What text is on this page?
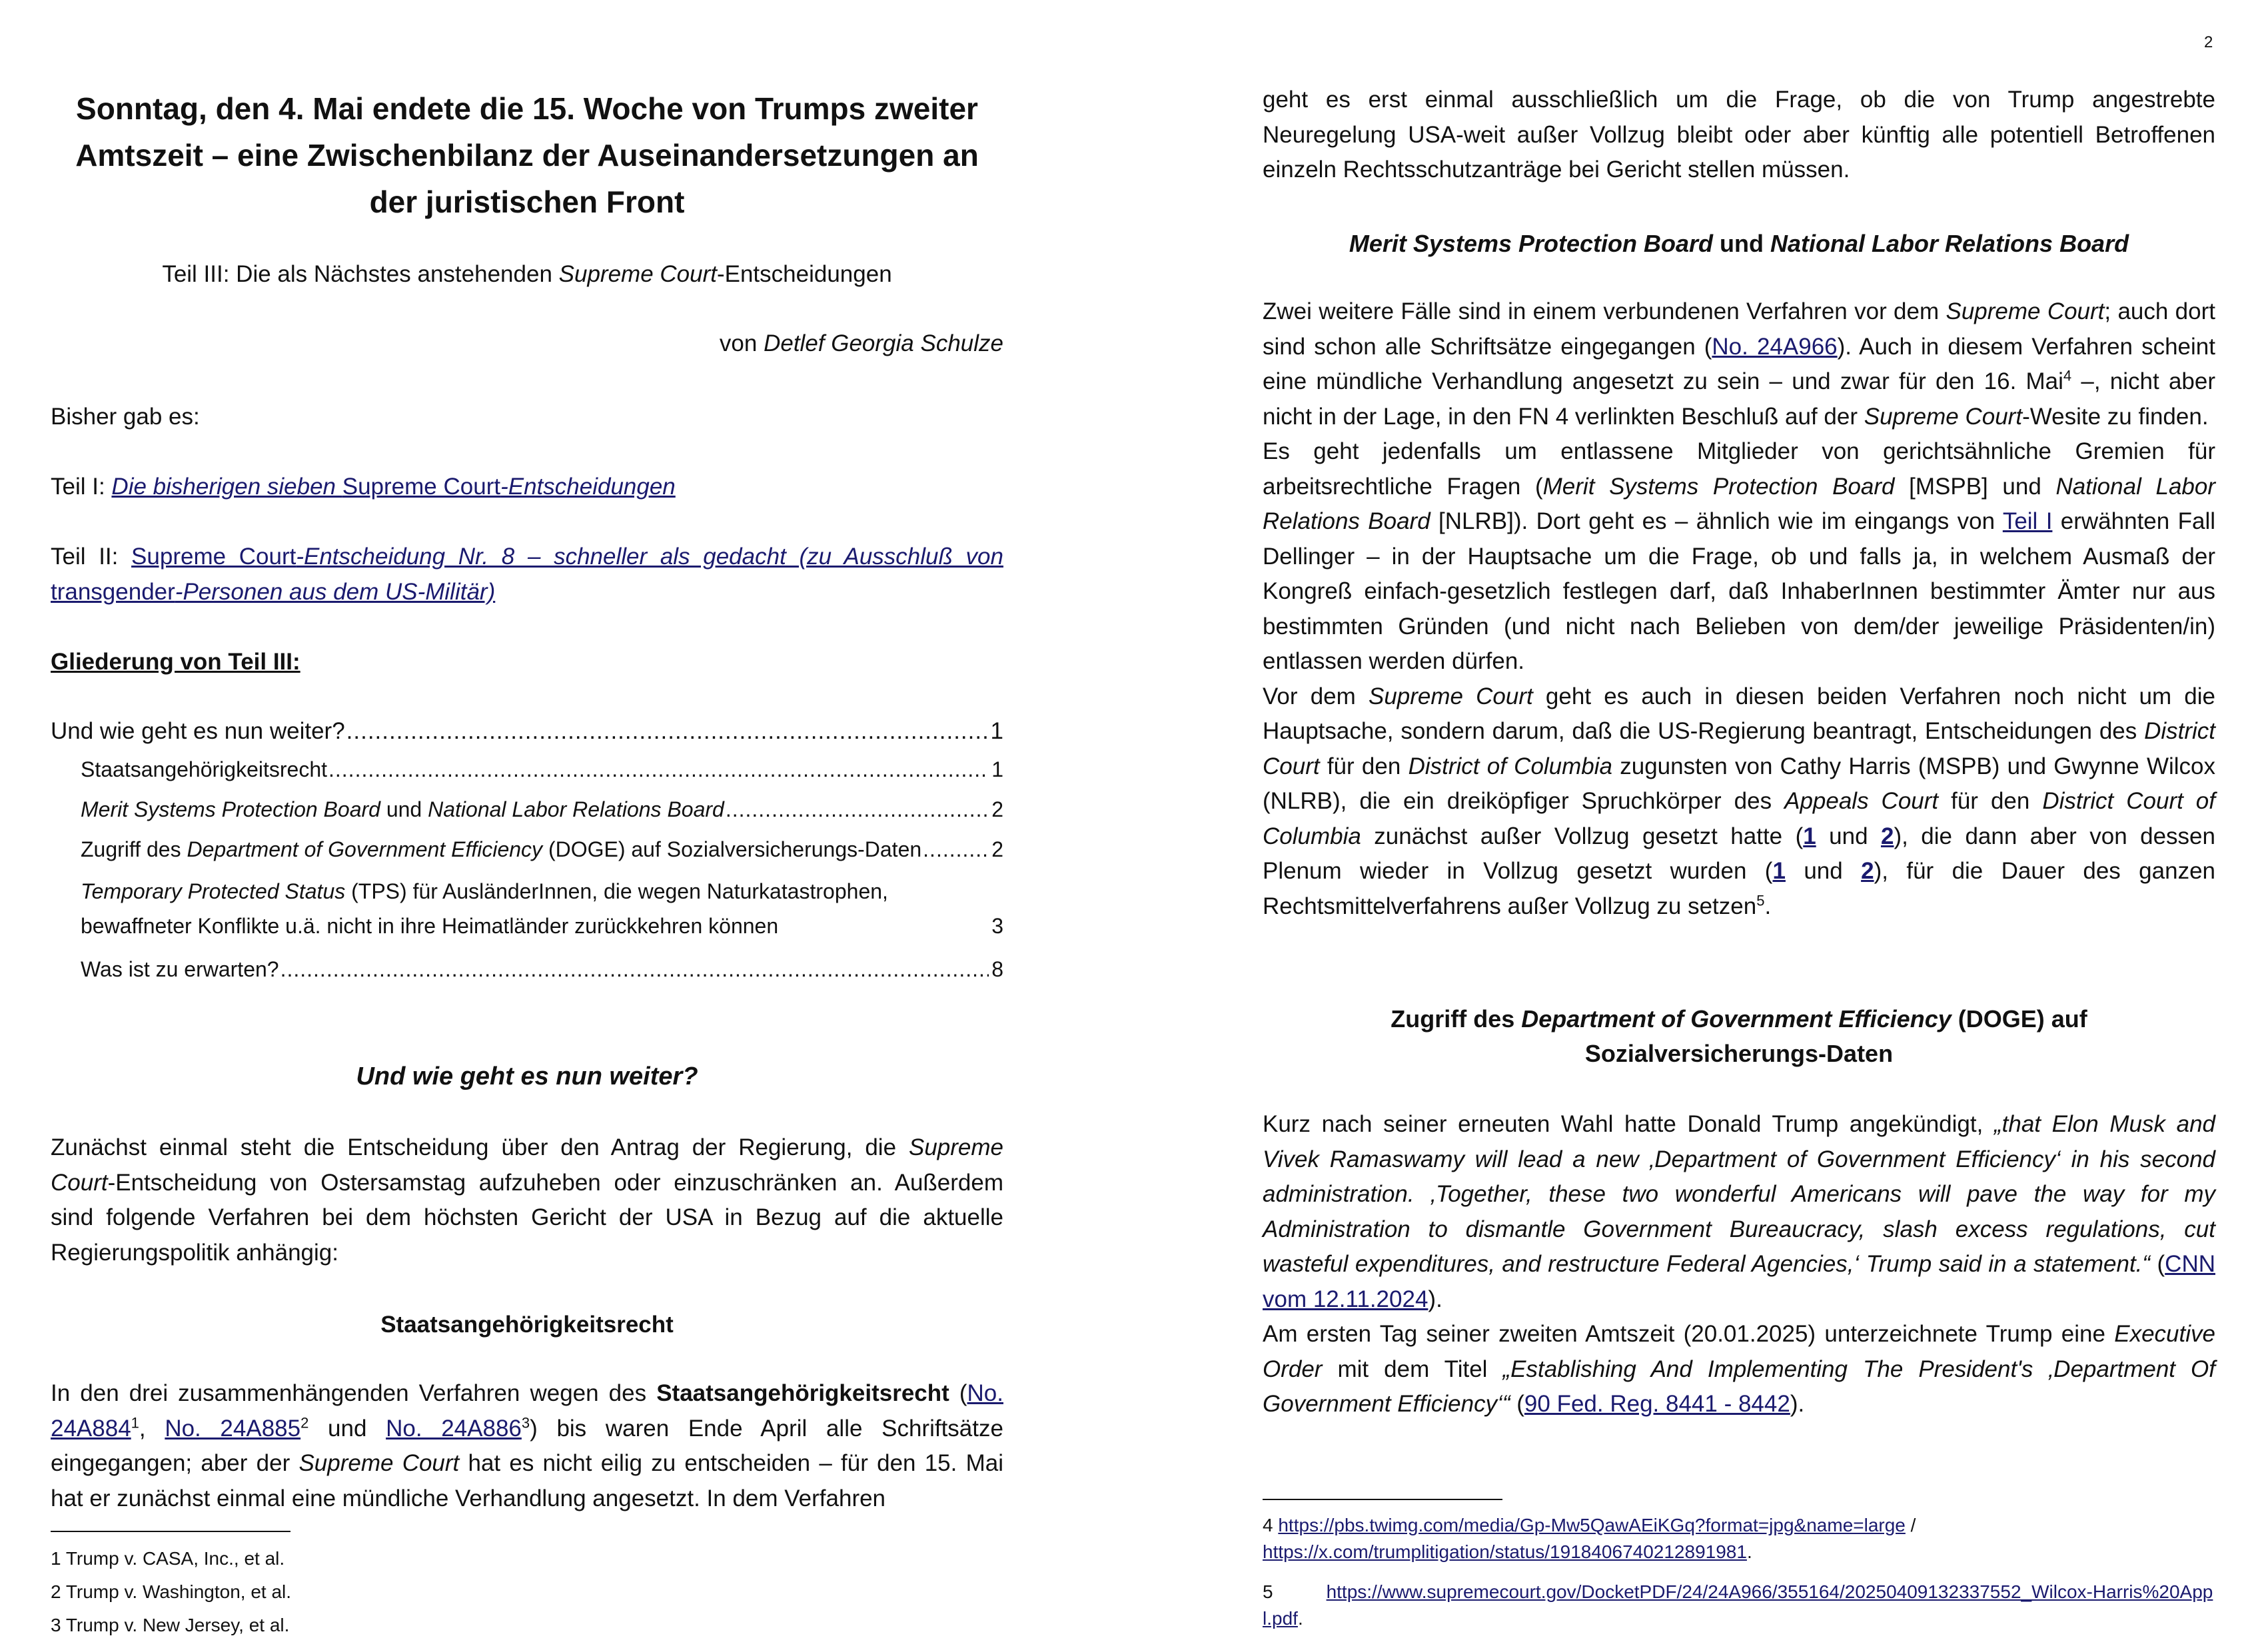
2
Sonntag, den 4. Mai endete die 15. Woche von Trumps zweiter Amtszeit – eine Zwischenbilanz der Auseinandersetzungen an der juristischen Front
Teil III: Die als Nächstes anstehenden Supreme Court-Entscheidungen
von Detlef Georgia Schulze
Bisher gab es:
Teil I: Die bisherigen sieben Supreme Court-Entscheidungen
Teil II: Supreme Court-Entscheidung Nr. 8 – schneller als gedacht (zu Ausschluß von transgender-Personen aus dem US-Militär)
Gliederung von Teil III:
Und wie geht es nun weiter? .....	1
Staatsangehörigkeitsrecht .....	1
Merit Systems Protection Board und National Labor Relations Board .....	2
Zugriff des Department of Government Efficiency (DOGE) auf Sozialversicherungs-Daten .....	2
Temporary Protected Status (TPS) für AusländerInnen, die wegen Naturkatastrophen,
bewaffneter Konflikte u.ä. nicht in ihre Heimatländer zurückkehren können	3
Was ist zu erwarten? .....	8
Und wie geht es nun weiter?
Zunächst einmal steht die Entscheidung über den Antrag der Regierung, die Supreme Court-Entscheidung von Ostersamstag aufzuheben oder einzuschränken an. Außerdem sind folgende Verfahren bei dem höchsten Gericht der USA in Bezug auf die aktuelle Regierungspolitik anhängig:
Staatsangehörigkeitsrecht
In den drei zusammenhängenden Verfahren wegen des Staatsangehörigkeitsrecht (No. $24A884^1$, No. $24A885^2$ und No. $24A886^3$) bis waren Ende April alle Schriftsätze eingegangen; aber der Supreme Court hat es nicht eilig zu entscheiden – für den 15. Mai hat er zunächst einmal eine mündliche Verhandlung angesetzt. In dem Verfahren
1 Trump v. CASA, Inc., et al.
2 Trump v. Washington, et al.
3 Trump v. New Jersey, et al.
geht es erst einmal ausschließlich um die Frage, ob die von Trump angestrebte Neuregelung USA-weit außer Vollzug bleibt oder aber künftig alle potentiell Betroffenen einzeln Rechtsschutzanträge bei Gericht stellen müssen.
Merit Systems Protection Board und National Labor Relations Board
Zwei weitere Fälle sind in einem verbundenen Verfahren vor dem Supreme Court; auch dort sind schon alle Schriftsätze eingegangen (No. 24A966). Auch in diesem Verfahren scheint eine mündliche Verhandlung angesetzt zu sein – und zwar für den 16. Mai$^4$ –, nicht aber nicht in der Lage, in den FN 4 verlinkten Beschluß auf der Supreme Court-Wesite zu finden.
Es geht jedenfalls um entlassene Mitglieder von gerichtsähnliche Gremien für arbeitsrechtliche Fragen (Merit Systems Protection Board [MSPB] und National Labor Relations Board [NLRB]). Dort geht es – ähnlich wie im eingangs von Teil I erwähnten Fall Dellinger – in der Hauptsache um die Frage, ob und falls ja, in welchem Ausmaß der Kongreß einfach-gesetzlich festlegen darf, daß InhaberInnen bestimmter Ämter nur aus bestimmten Gründen (und nicht nach Belieben von dem/der jeweilige Präsidenten/in) entlassen werden dürfen.
Vor dem Supreme Court geht es auch in diesen beiden Verfahren noch nicht um die Hauptsache, sondern darum, daß die US-Regierung beantragt, Entscheidungen des District Court für den District of Columbia zugunsten von Cathy Harris (MSPB) und Gwynne Wilcox (NLRB), die ein dreiköpfiger Spruchkörper des Appeals Court für den District Court of Columbia zunächst außer Vollzug gesetzt hatte (1 und 2), die dann aber von dessen Plenum wieder in Vollzug gesetzt wurden (1 und 2), für die Dauer des ganzen Rechtsmittelverfahrens außer Vollzug zu setzen$^5$.
Zugriff des Department of Government Efficiency (DOGE) auf
Sozialversicherungs-Daten
Kurz nach seiner erneuten Wahl hatte Donald Trump angekündigt, „that Elon Musk and Vivek Ramaswamy will lead a new ‚Department of Government Efficiency‘ in his second administration. ‚Together, these two wonderful Americans will pave the way for my Administration to dismantle Government Bureaucracy, slash excess regulations, cut wasteful expenditures, and restructure Federal Agencies,‘ Trump said in a statement.“ (CNN vom 12.11.2024).
Am ersten Tag seiner zweiten Amtszeit (20.01.2025) unterzeichnete Trump eine Executive Order mit dem Titel „Establishing And Implementing The President's ‚Department Of Government Efficiency‘“ (90 Fed. Reg. 8441 - 8442).
4 https://pbs.twimg.com/media/Gp-Mw5QawAEiKGq?format=jpg&name=large /
https://x.com/trumplitigation/status/1918406740212891981.
5	https://www.supremecourt.gov/DocketPDF/24/24A966/355164/20250409132337552_Wilcox-Harris%20Appl.pdf.
